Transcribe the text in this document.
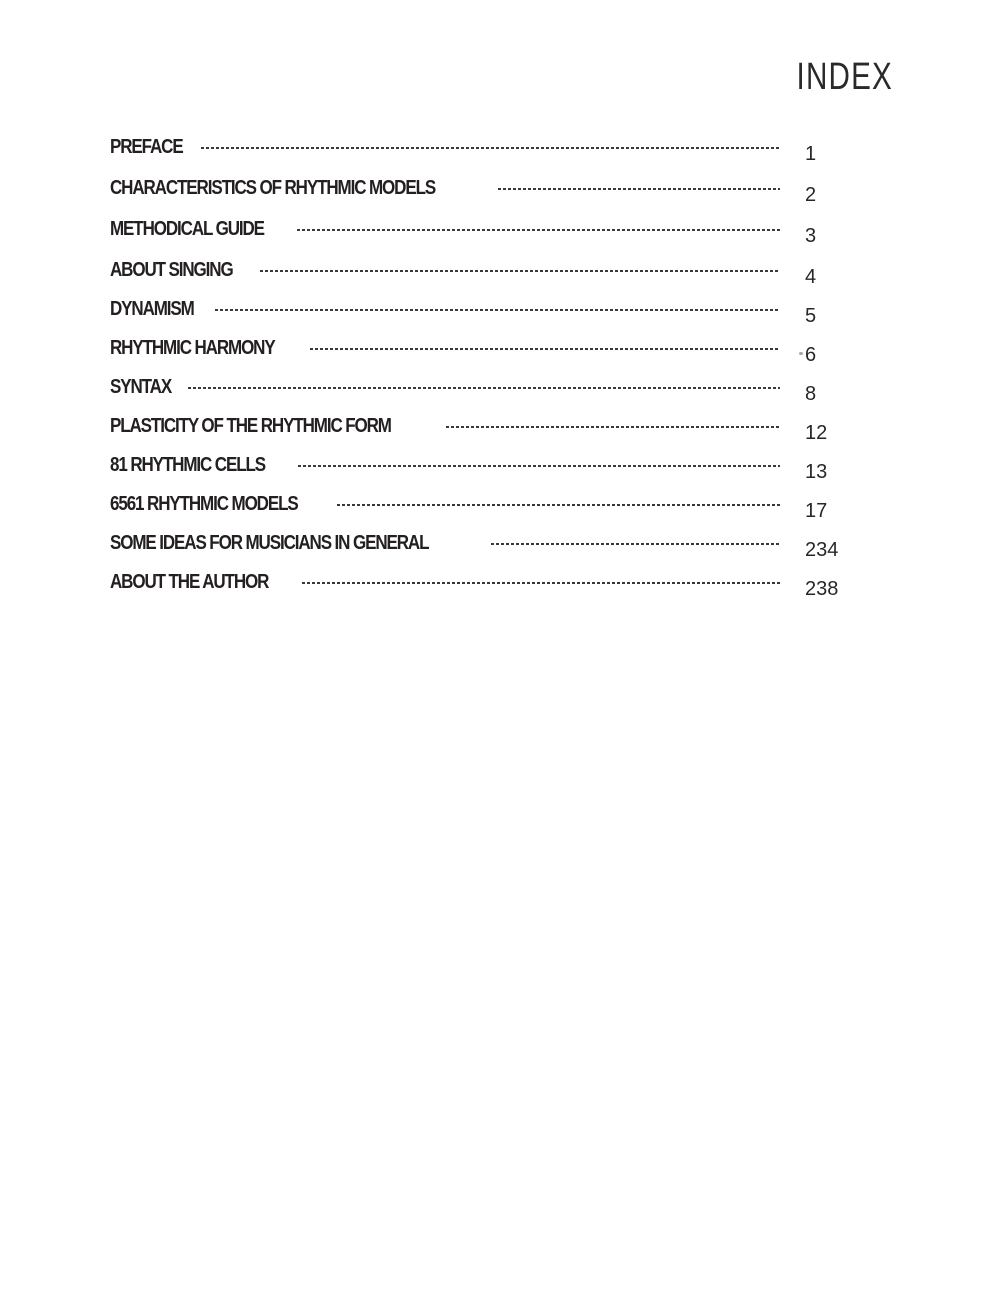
INDEX
PREFACE	1
CHARACTERISTICS OF RHYTHMIC MODELS	2
METHODICAL GUIDE	3
ABOUT SINGING	4
DYNAMISM	5
RHYTHMIC HARMONY	6
SYNTAX	8
PLASTICITY OF THE RHYTHMIC FORM	12
81 RHYTHMIC CELLS	13
6561 RHYTHMIC MODELS	17
SOME IDEAS FOR MUSICIANS IN GENERAL	234
ABOUT THE AUTHOR	238
